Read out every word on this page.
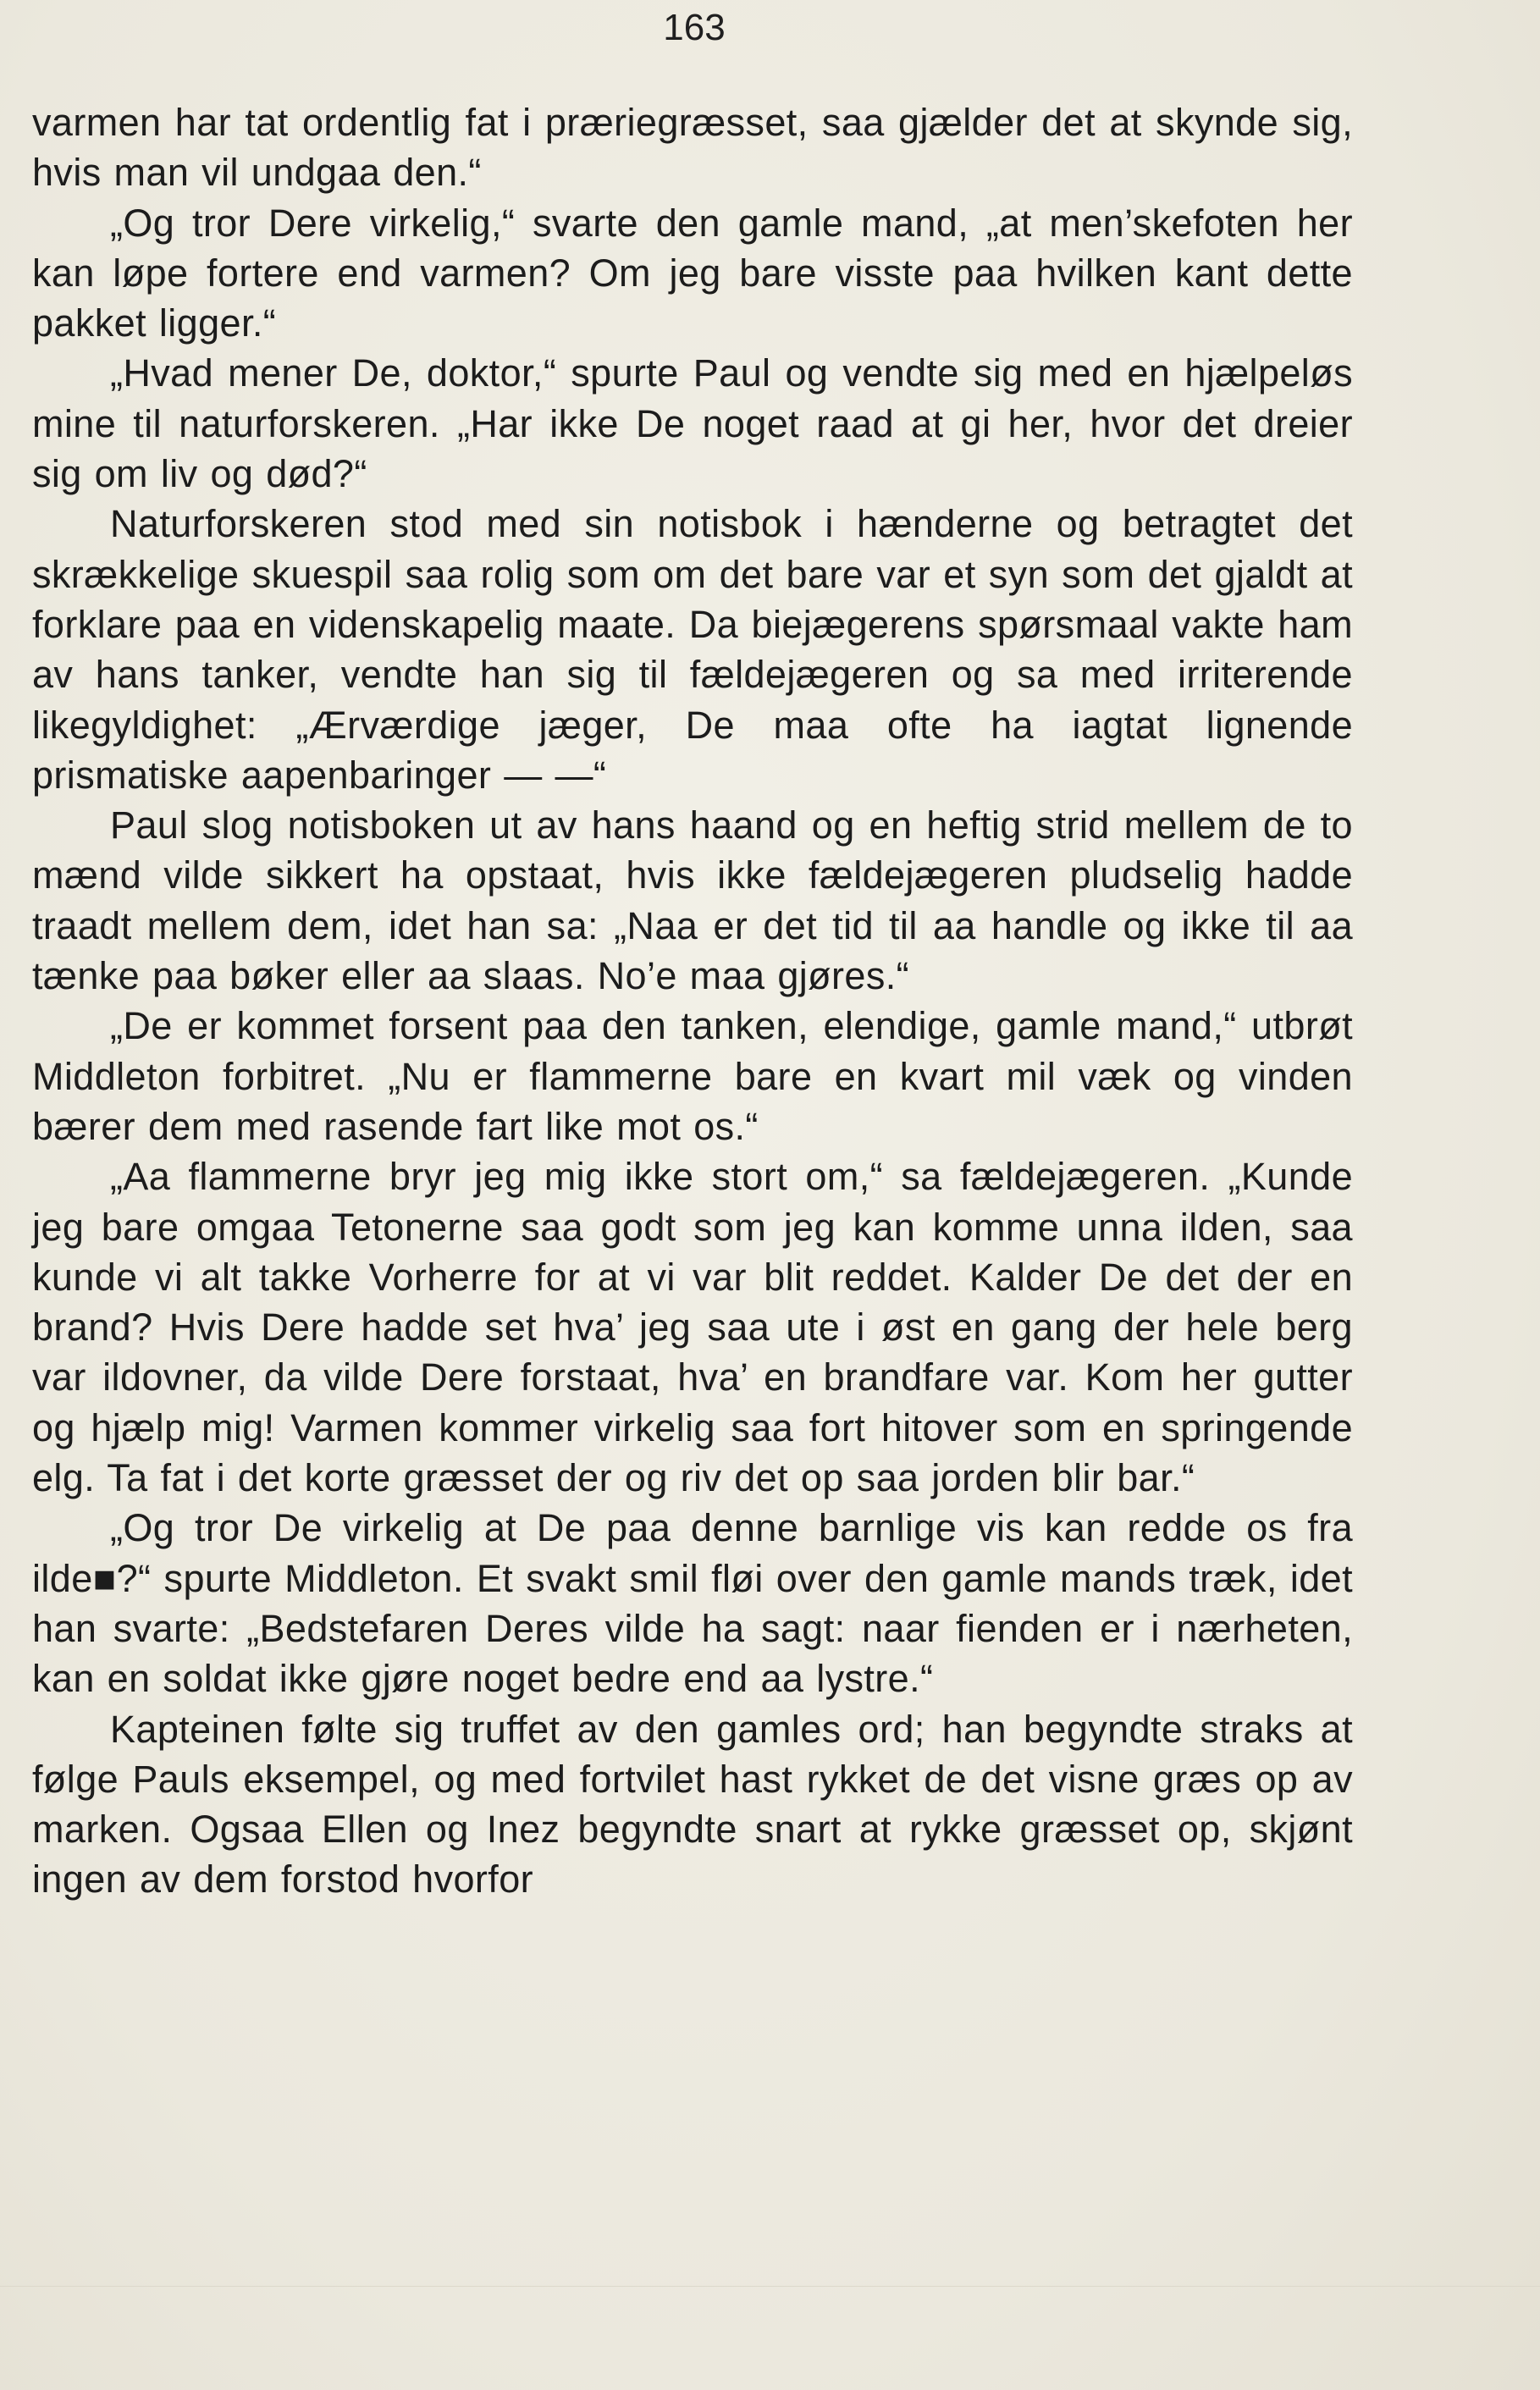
163

varmen har tat ordentlig fat i præriegræsset, saa gjælder det at skynde sig, hvis man vil undgaa den.“

„Og tror Dere virkelig,“ svarte den gamle mand, „at men’skefoten her kan løpe fortere end varmen? Om jeg bare visste paa hvilken kant dette pakket ligger.“

„Hvad mener De, doktor,“ spurte Paul og vendte sig med en hjælpeløs mine til naturforskeren. „Har ikke De noget raad at gi her, hvor det dreier sig om liv og død?“

Naturforskeren stod med sin notisbok i hænderne og betragtet det skrækkelige skuespil saa rolig som om det bare var et syn som det gjaldt at forklare paa en videnskapelig maate. Da biejægerens spørsmaal vakte ham av hans tanker, vendte han sig til fældejægeren og sa med irriterende likegyldighet: „Ærværdige jæger, De maa ofte ha iagtat lignende prismatiske aapenbaringer — —“

Paul slog notisboken ut av hans haand og en heftig strid mellem de to mænd vilde sikkert ha opstaat, hvis ikke fældejægeren pludselig hadde traadt mellem dem, idet han sa: „Naa er det tid til aa handle og ikke til aa tænke paa bøker eller aa slaas. No’e maa gjøres.“

„De er kommet forsent paa den tanken, elendige, gamle mand,“ utbrøt Middleton forbitret. „Nu er flammerne bare en kvart mil væk og vinden bærer dem med rasende fart like mot os.“

„Aa flammerne bryr jeg mig ikke stort om,“ sa fældejægeren. „Kunde jeg bare omgaa Tetonerne saa godt som jeg kan komme unna ilden, saa kunde vi alt takke Vorherre for at vi var blit reddet. Kalder De det der en brand? Hvis Dere hadde set hva’ jeg saa ute i øst en gang der hele berg var ildovner, da vilde Dere forstaat, hva’ en brandfare var. Kom her gutter og hjælp mig! Varmen kommer virkelig saa fort hitover som en springende elg. Ta fat i det korte græsset der og riv det op saa jorden blir bar.“

„Og tror De virkelig at De paa denne barnlige vis kan redde os fra ilde■?“ spurte Middleton. Et svakt smil fløi over den gamle mands træk, idet han svarte: „Bedstefaren Deres vilde ha sagt: naar fienden er i nærheten, kan en soldat ikke gjøre noget bedre end aa lystre.“

Kapteinen følte sig truffet av den gamles ord; han begyndte straks at følge Pauls eksempel, og med fortvilet hast rykket de det visne græs op av marken. Ogsaa Ellen og Inez begyndte snart at rykke græsset op, skjønt ingen av dem forstod hvorfor
